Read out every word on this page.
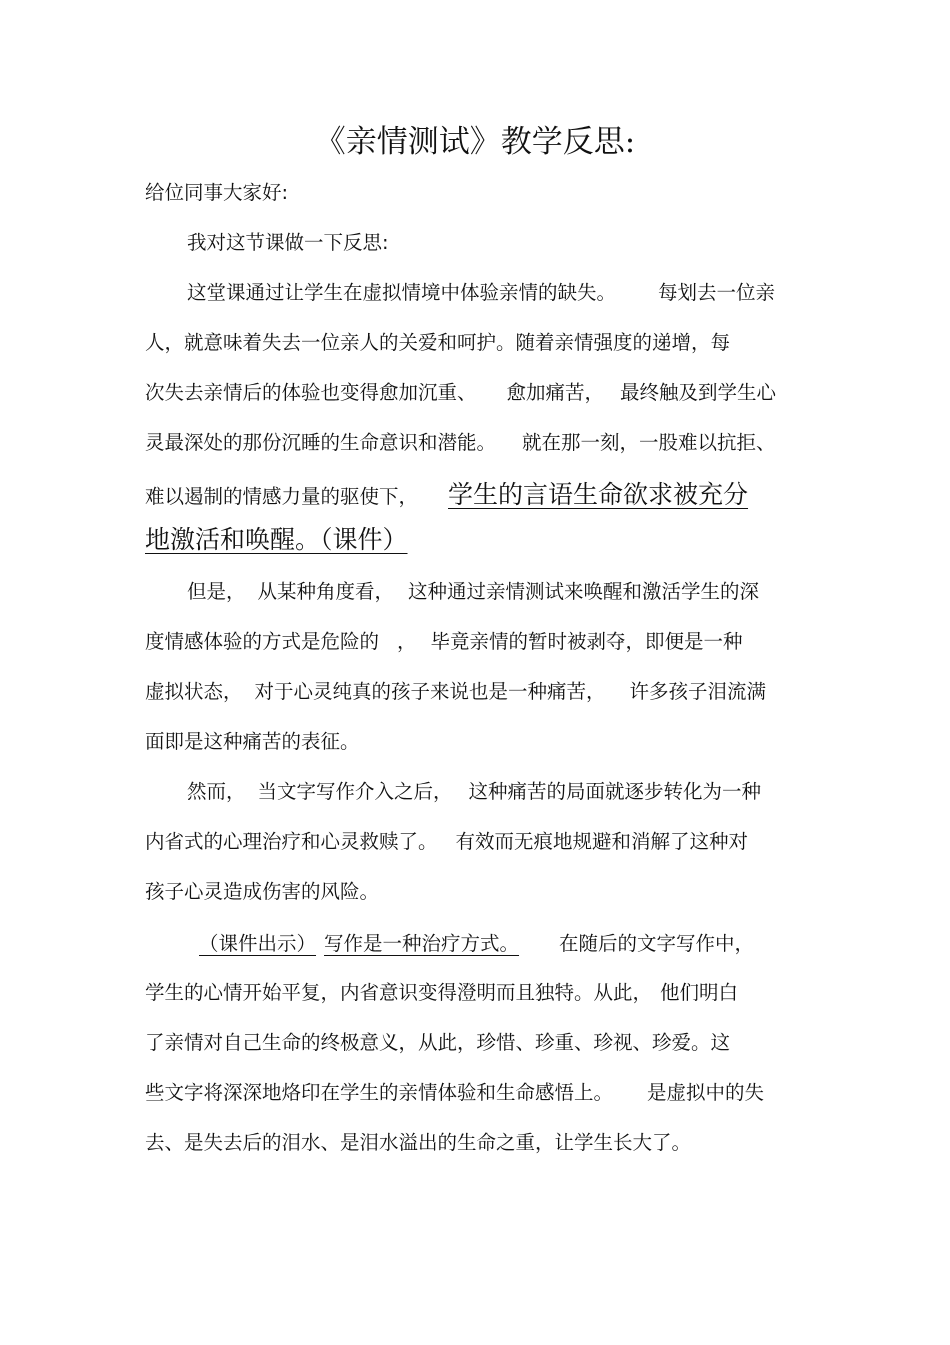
《亲情测试》教学反思:
给位同事大家好:
我对这节课做一下反思:
这堂课通过让学生在虚拟情境中体验亲情的缺失。 每划去一位亲
人，就意味着失去一位亲人的关爱和呵护。随着亲情强度的递增，每
次失去亲情后的体验也变得愈加沉重、 愈加痛苦， 最终触及到学生心
灵最深处的那份沉睡的生命意识和潜能。 就在那一刻，一股难以抗拒、
难以遏制的情感力量的驱使下， 学生的言语生命欲求被充分
地激活和唤醒。（课件）
但是， 从某种角度看， 这种通过亲情测试来唤醒和激活学生的深
度情感体验的方式是危险的 ， 毕竟亲情的暂时被剥夺，即便是一种
虚拟状态， 对于心灵纯真的孩子来说也是一种痛苦， 许多孩子泪流满
面即是这种痛苦的表征。
然而， 当文字写作介入之后， 这种痛苦的局面就逐步转化为一种
内省式的心理治疗和心灵救赎了。 有效而无痕地规避和消解了这种对
孩子心灵造成伤害的风险。
（课件出示） 写作是一种治疗方式。 在随后的文字写作中，
学生的心情开始平复，内省意识变得澄明而且独特。从此， 他们明白
了亲情对自己生命的终极意义，从此，珍惜、珍重、珍视、珍爱。这
些文字将深深地烙印在学生的亲情体验和生命感悟上。 是虚拟中的失
去、是失去后的泪水、是泪水溢出的生命之重，让学生长大了。
